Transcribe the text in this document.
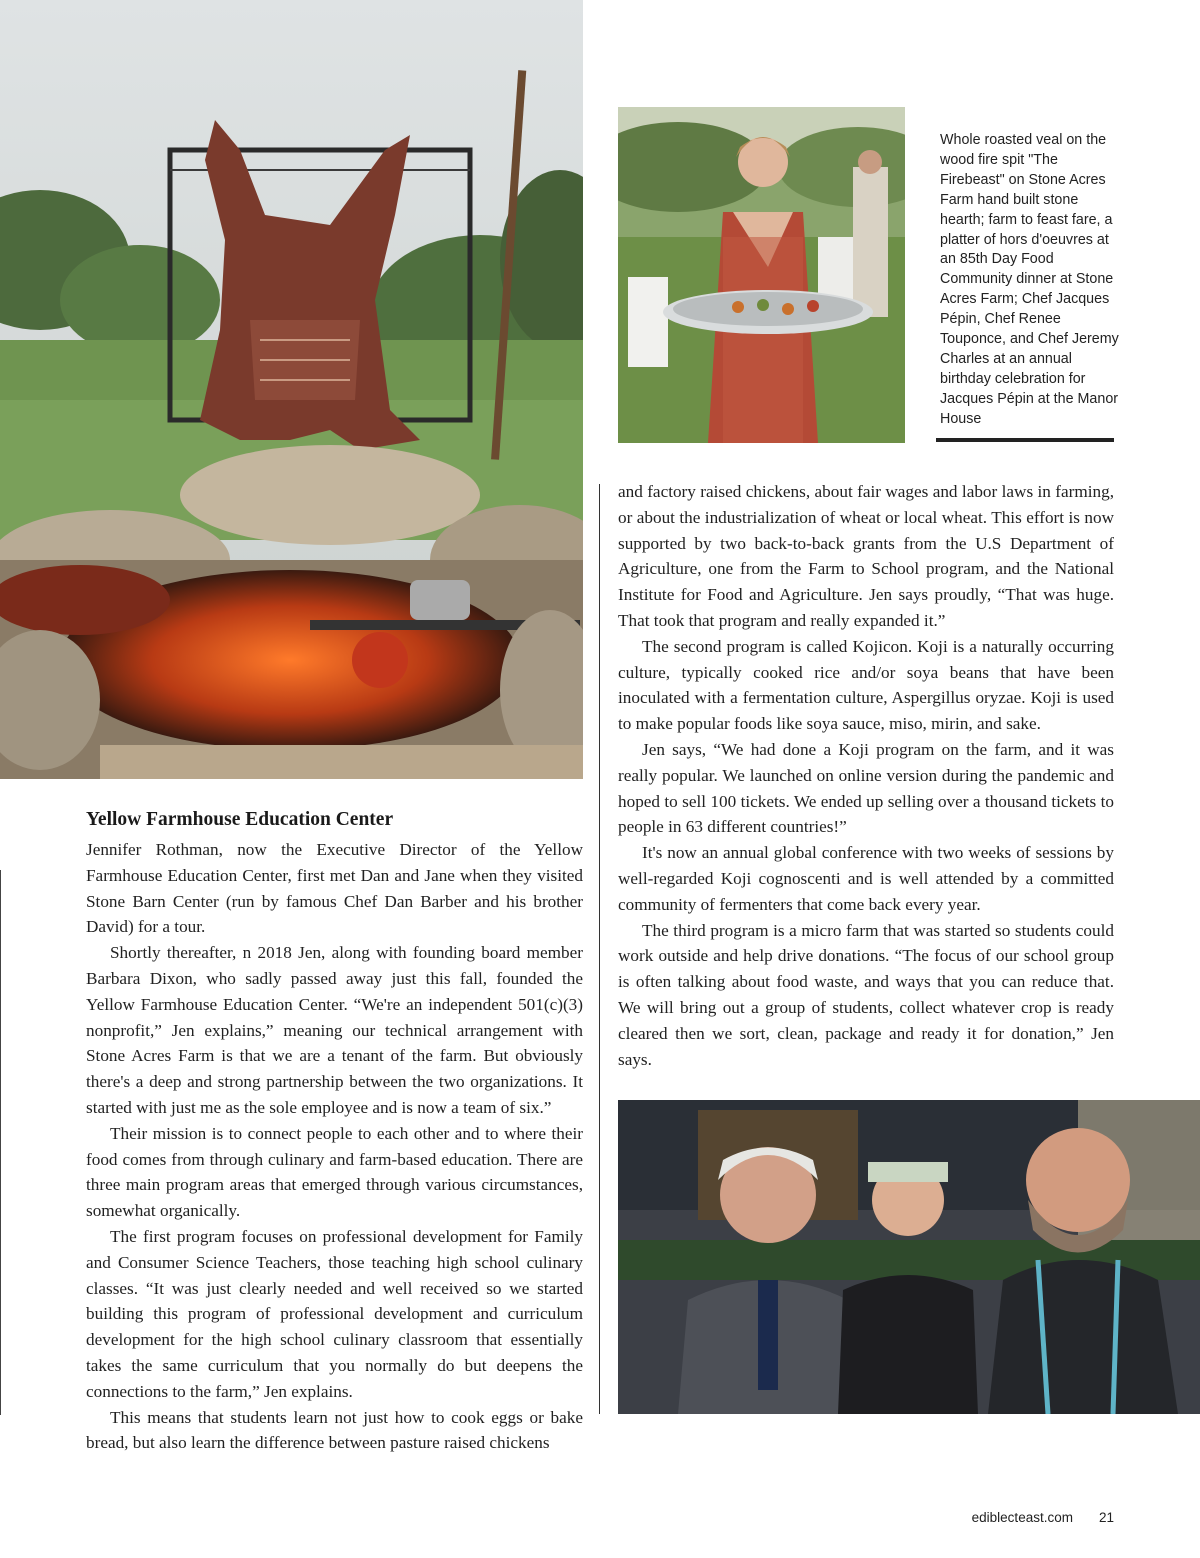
Whole roasted veal on the wood fire spit "The Firebeast" on Stone Acres Farm hand built stone hearth; farm to feast fare, a platter of hors d'oeuvres at an 85th Day Food Community dinner at Stone Acres Farm; Chef Jacques Pépin, Chef Renee Touponce, and Chef Jeremy Charles at an annual birthday celebration for Jacques Pépin at the Manor House
Yellow Farmhouse Education Center

Jennifer Rothman, now the Executive Director of the Yellow Farmhouse Education Center, first met Dan and Jane when they visited Stone Barn Center (run by famous Chef Dan Barber and his brother David) for a tour.

Shortly thereafter, n 2018 Jen, along with founding board member Barbara Dixon, who sadly passed away just this fall, founded the Yellow Farmhouse Education Center. “We're an independent 501(c)(3) nonprofit,” Jen explains,” meaning our technical arrangement with Stone Acres Farm is that we are a tenant of the farm. But obviously there's a deep and strong partnership between the two organizations. It started with just me as the sole employee and is now a team of six.”

Their mission is to connect people to each other and to where their food comes from through culinary and farm-based education. There are three main program areas that emerged through various circumstances, somewhat organically.

The first program focuses on professional development for Family and Consumer Science Teachers, those teaching high school culinary classes. “It was just clearly needed and well received so we started building this program of professional development and curriculum development for the high school culinary classroom that essentially takes the same curriculum that you normally do but deepens the connections to the farm,” Jen explains.

This means that students learn not just how to cook eggs or bake bread, but also learn the difference between pasture raised chickens

and factory raised chickens, about fair wages and labor laws in farming, or about the industrialization of wheat or local wheat. This effort is now supported by two back-to-back grants from the U.S Department of Agriculture, one from the Farm to School program, and the National Institute for Food and Agriculture. Jen says proudly, “That was huge. That took that program and really expanded it.”

The second program is called Kojicon. Koji is a naturally occurring culture, typically cooked rice and/or soya beans that have been inoculated with a fermentation culture, Aspergillus oryzae. Koji is used to make popular foods like soya sauce, miso, mirin, and sake.

Jen says, “We had done a Koji program on the farm, and it was really popular. We launched on online version during the pandemic and hoped to sell 100 tickets. We ended up selling over a thousand tickets to people in 63 different countries!”

It's now an annual global conference with two weeks of sessions by well-regarded Koji cognoscenti and is well attended by a committed community of fermenters that come back every year.

The third program is a micro farm that was started so students could work outside and help drive donations. “The focus of our school group is often talking about food waste, and ways that you can reduce that. We will bring out a group of students, collect whatever crop is ready cleared then we sort, clean, package and ready it for donation,” Jen says.

ediblecteast.com 21
